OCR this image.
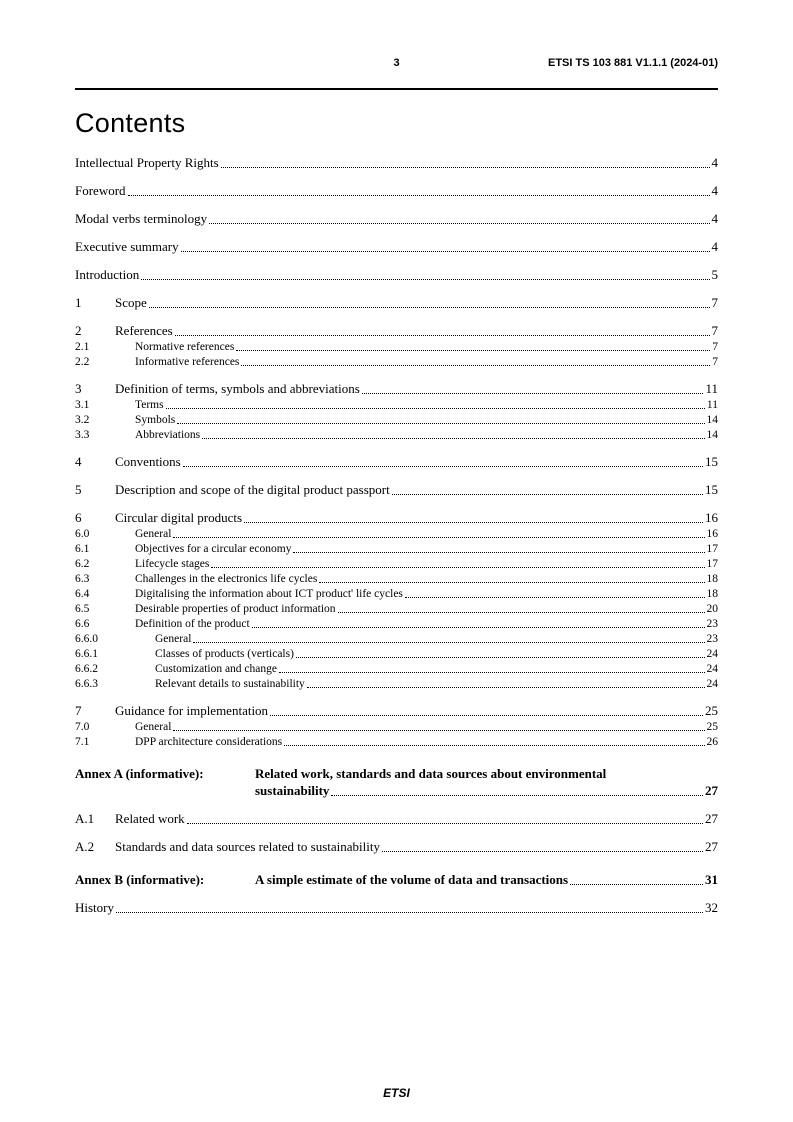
3	ETSI TS 103 881 V1.1.1 (2024-01)
Contents
Intellectual Property Rights	4
Foreword	4
Modal verbs terminology	4
Executive summary	4
Introduction	5
1	Scope	7
2	References	7
2.1	Normative references	7
2.2	Informative references	7
3	Definition of terms, symbols and abbreviations	11
3.1	Terms	11
3.2	Symbols	14
3.3	Abbreviations	14
4	Conventions	15
5	Description and scope of the digital product passport	15
6	Circular digital products	16
6.0	General	16
6.1	Objectives for a circular economy	17
6.2	Lifecycle stages	17
6.3	Challenges in the electronics life cycles	18
6.4	Digitalising the information about ICT product' life cycles	18
6.5	Desirable properties of product information	20
6.6	Definition of the product	23
6.6.0	General	23
6.6.1	Classes of products (verticals)	24
6.6.2	Customization and change	24
6.6.3	Relevant details to sustainability	24
7	Guidance for implementation	25
7.0	General	25
7.1	DPP architecture considerations	26
Annex A (informative):	Related work, standards and data sources about environmental
sustainability	27
A.1	Related work	27
A.2	Standards and data sources related to sustainability	27
Annex B (informative):	A simple estimate of the volume of data and transactions	31
History	32
ETSI
